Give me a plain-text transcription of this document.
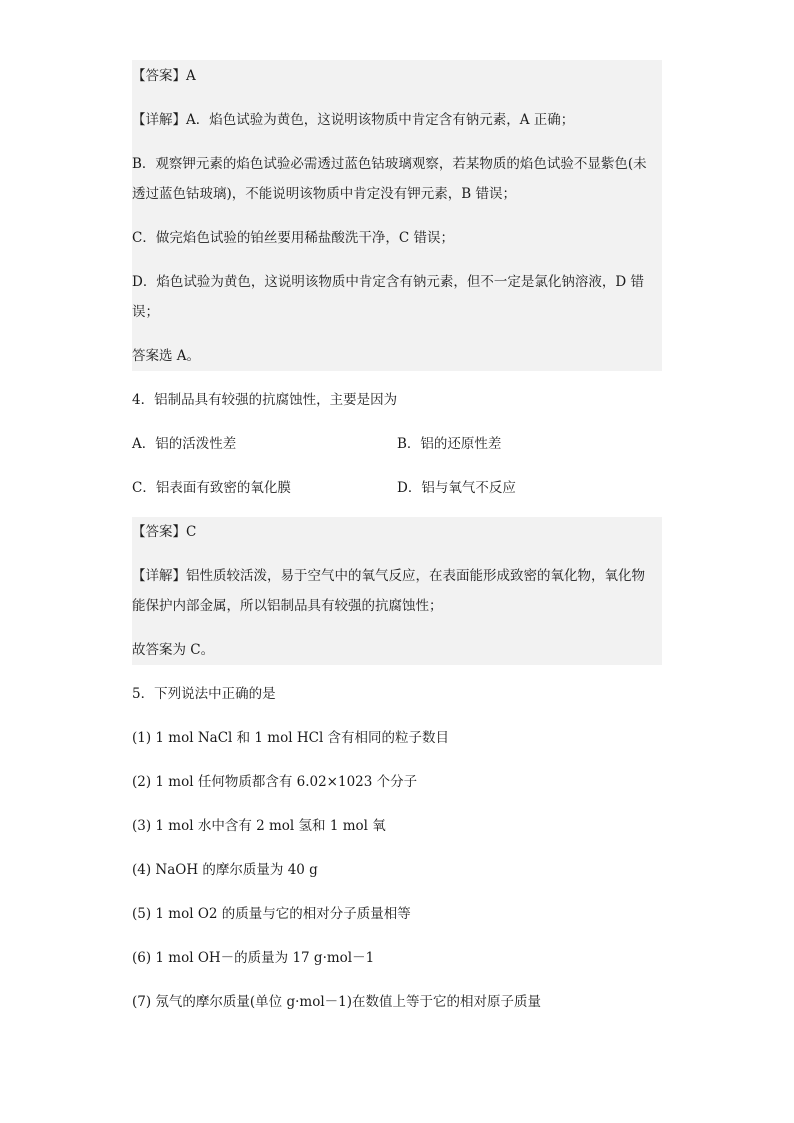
【答案】A

【详解】A．焰色试验为黄色，这说明该物质中肯定含有钠元素，A 正确；

B．观察钾元素的焰色试验必需透过蓝色钴玻璃观察，若某物质的焰色试验不显紫色(未

透过蓝色钴玻璃)，不能说明该物质中肯定没有钾元素，B 错误；

C．做完焰色试验的铂丝要用稀盐酸洗干净，C 错误；

D．焰色试验为黄色，这说明该物质中肯定含有钠元素，但不一定是氯化钠溶液，D 错

误；

答案选 A。

4．铝制品具有较强的抗腐蚀性，主要是因为

A．铝的活泼性差	B．铝的还原性差
C．铝表面有致密的氧化膜	D．铝与氧气不反应

【答案】C

【详解】铝性质较活泼，易于空气中的氧气反应，在表面能形成致密的氧化物，氧化物

能保护内部金属，所以铝制品具有较强的抗腐蚀性；

故答案为 C。

5．下列说法中正确的是

(1) 1 mol NaCl 和 1 mol HCl 含有相同的粒子数目

(2) 1 mol 任何物质都含有 6.02×1023 个分子

(3) 1 mol 水中含有 2 mol 氢和 1 mol 氧

(4) NaOH 的摩尔质量为 40 g

(5) 1 mol O2 的质量与它的相对分子质量相等

(6) 1 mol OH－的质量为 17 g·mol－1

(7) 氖气的摩尔质量(单位 g·mol－1)在数值上等于它的相对原子质量
